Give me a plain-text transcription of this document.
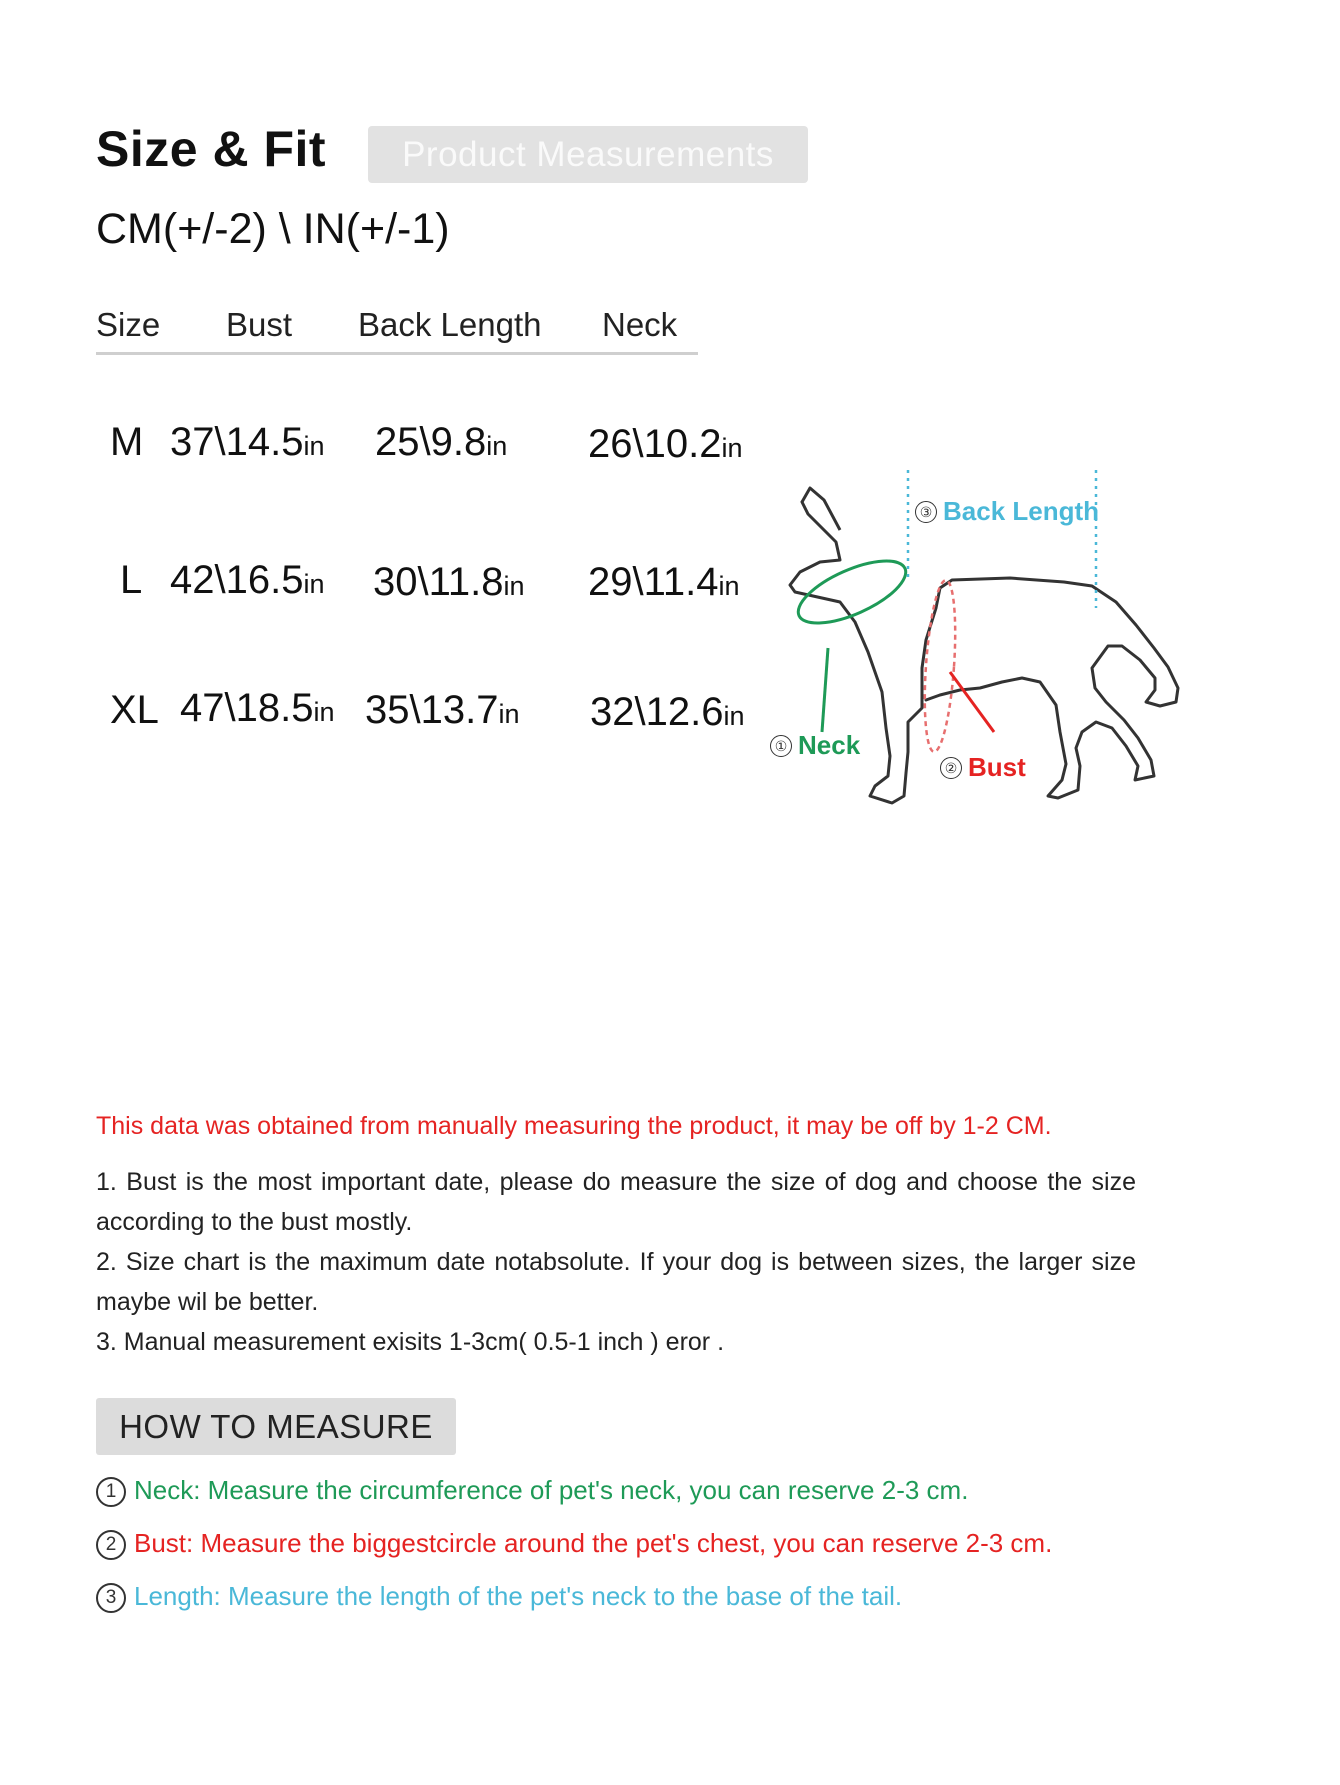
Size & Fit	Product Measurements
CM(+/-2) \ IN(+/-1)
Size Bust Back Length Neck
M 37\14.5in 25\9.8in 26\10.2in
L 42\16.5in 30\11.8in 29\11.4in
XL 47\18.5in 35\13.7in 32\12.6in
③ Back Length
① Neck
② Bust
This data was obtained from manually measuring the product, it may be off by 1-2 CM.

1. Bust is the most important date, please do measure the size of dog and choose the size according to the bust mostly.

2. Size chart is the maximum date notabsolute. If your dog is between sizes, the larger size maybe wil be better.

3. Manual measurement exisits 1-3cm( 0.5-1 inch ) eror .

HOW TO MEASURE
1 Neck: Measure the circumference of pet's neck, you can reserve 2-3 cm.
2 Bust: Measure the biggestcircle around the pet's chest, you can reserve 2-3 cm.
3 Length: Measure the length of the pet's neck to the base of the tail.
